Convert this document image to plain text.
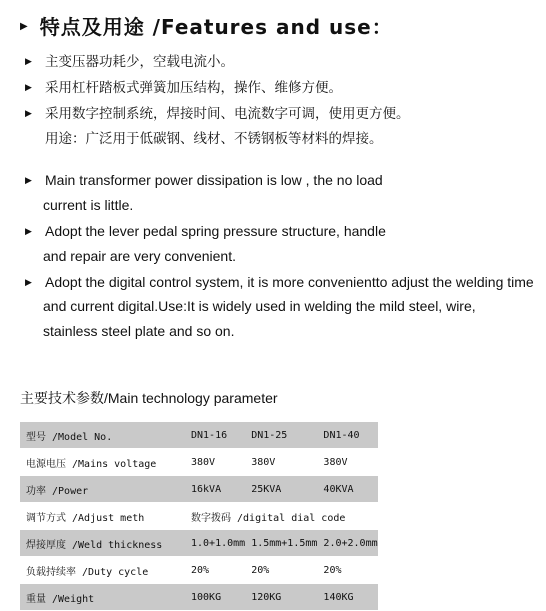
▶ 特点及用途 /Features and use：
▶ 主变压器功耗少，空载电流小。
▶ 采用杠杆踏板式弹簧加压结构，操作、维修方便。
▶ 采用数字控制系统，焊接时间、电流数字可调，使用更方便。
用途：广泛用于低碳钢、线材、不锈钢板等材料的焊接。
▶ Main transformer power dissipation is low , the no load
current is little.
▶ Adopt the lever pedal spring pressure structure, handle
and repair are very convenient.
▶ Adopt the digital control system, it is more convenientto adjust the welding time
and current digital.Use:It is widely used in welding the mild steel, wire,
stainless steel plate and so on.
主要技术参数/Main technology parameter
型号 /Model No.	DN1-16	DN1-25	DN1-40
电源电压 /Mains voltage	380V	380V	380V
功率 /Power	16kVA	25KVA	40KVA
调节方式 /Adjust meth	数字拨码 /digital dial code		
焊接厚度 /Weld thickness	1.0+1.0mm	1.5mm+1.5mm	2.0+2.0mm
负载持续率 /Duty cycle	20%	20%	20%
重量 /Weight	100KG	120KG	140KG
